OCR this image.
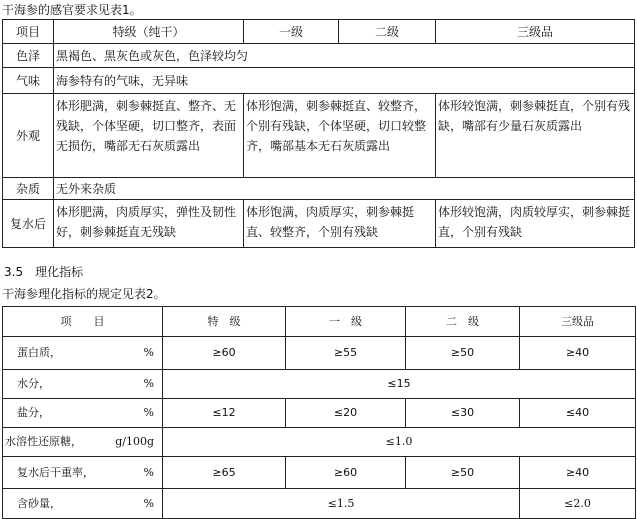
干海参的感官要求见表1。
项目	特级（纯干）	一级	二级	三级品
色泽	黑褐色、黑灰色或灰色，色泽较均匀			
气味	海参特有的气味，无异味			
外观	体形肥满，刺参棘挺直、整齐、无残缺，个体坚硬，切口整齐，表面无损伤，嘴部无石灰质露出	体形饱满，刺参棘挺直、较整齐，个别有残缺，个体坚硬，切口较整齐，嘴部基本无石灰质露出		体形较饱满，刺参棘挺直，个别有残缺，嘴部有少量石灰质露出
杂质	无外来杂质			
复水后	体形肥满，肉质厚实，弹性及韧性好，刺参棘挺直无残缺	体形饱满，肉质厚实，刺参棘挺直、较整齐，个别有残缺		体形较饱满，肉质较厚实，刺参棘挺直，个别有残缺
3.5　理化指标
干海参理化指标的规定见表2。
项　　目	特　级	一　级	二　级	三级品

蛋白质， %	≥60	≥55	≥50	≥40

水分， %	≤15			

盐分， %	≤12	≤20	≤30	≤40

水溶性还原糖， g/100g	≤1.0			

复水后干重率， %	≥65	≥60	≥50	≥40

含砂量， %	≤1.5			≤2.0
